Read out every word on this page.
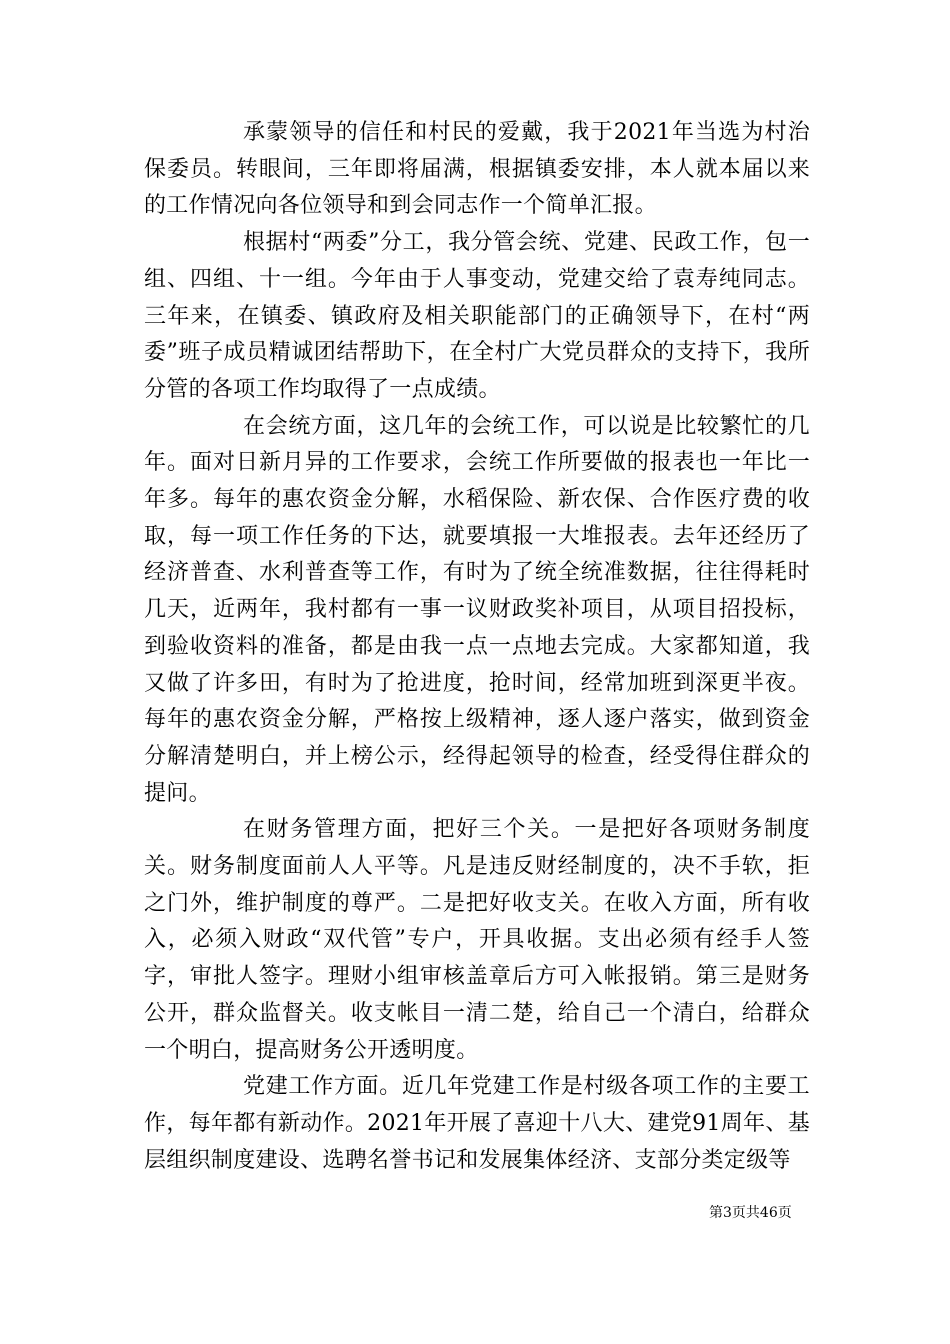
承蒙领导的信任和村民的爱戴，我于2021年当选为村治保委员。转眼间，三年即将届满，根据镇委安排，本人就本届以来的工作情况向各位领导和到会同志作一个简单汇报。

根据村“两委”分工，我分管会统、党建、民政工作，包一组、四组、十一组。今年由于人事变动，党建交给了袁寿纯同志。三年来，在镇委、镇政府及相关职能部门的正确领导下，在村“两委”班子成员精诚团结帮助下，在全村广大党员群众的支持下，我所分管的各项工作均取得了一点成绩。

在会统方面，这几年的会统工作，可以说是比较繁忙的几年。面对日新月异的工作要求，会统工作所要做的报表也一年比一年多。每年的惠农资金分解，水稻保险、新农保、合作医疗费的收取，每一项工作任务的下达，就要填报一大堆报表。去年还经历了经济普查、水利普查等工作，有时为了统全统准数据，往往得耗时几天，近两年，我村都有一事一议财政奖补项目，从项目招投标，到验收资料的准备，都是由我一点一点地去完成。大家都知道，我又做了许多田，有时为了抢进度，抢时间，经常加班到深更半夜。每年的惠农资金分解，严格按上级精神，逐人逐户落实，做到资金分解清楚明白，并上榜公示，经得起领导的检查，经受得住群众的提问。

在财务管理方面，把好三个关。一是把好各项财务制度关。财务制度面前人人平等。凡是违反财经制度的，决不手软，拒之门外，维护制度的尊严。二是把好收支关。在收入方面，所有收入，必须入财政“双代管”专户，开具收据。支出必须有经手人签字，审批人签字。理财小组审核盖章后方可入帐报销。第三是财务公开，群众监督关。收支帐目一清二楚，给自己一个清白，给群众一个明白，提高财务公开透明度。

党建工作方面。近几年党建工作是村级各项工作的主要工作，每年都有新动作。2021年开展了喜迎十八大、建党91周年、基层组织制度建设、选聘名誉书记和发展集体经济、支部分类定级等

第3页共46页
